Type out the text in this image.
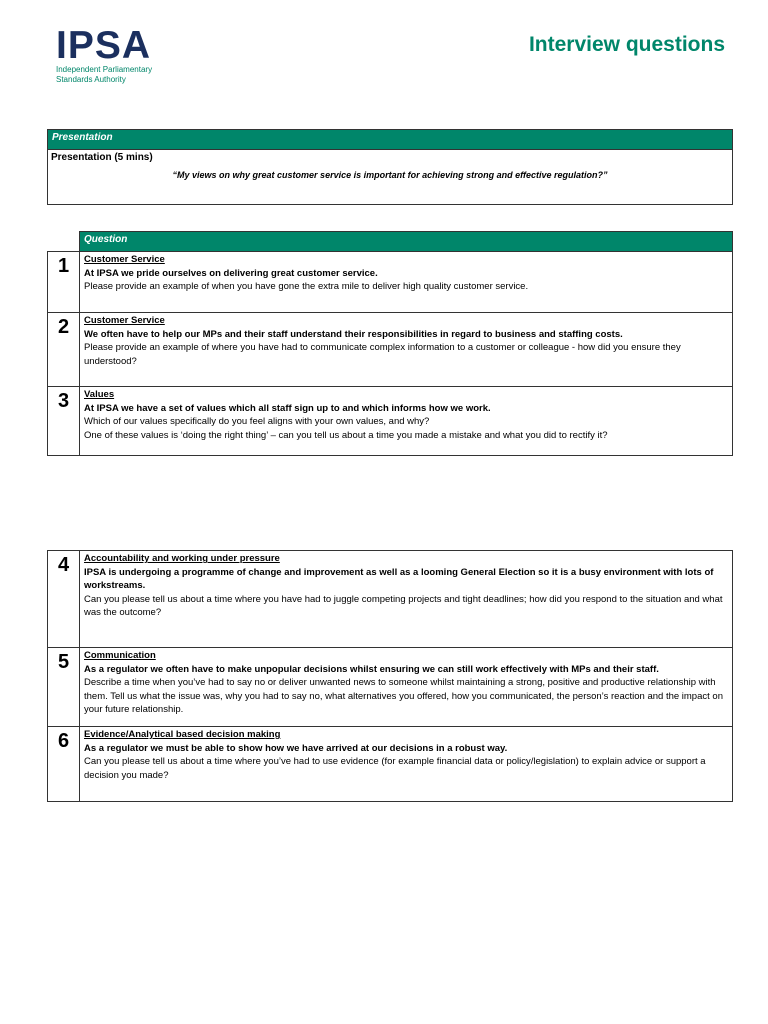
IPSA
Independent Parliamentary
Standards Authority
Interview questions
Presentation

Presentation (5 mins)
“My views on why great customer service is important for achieving strong and effective regulation?”
	Question
1	Customer Service
At IPSA we pride ourselves on delivering great customer service.
Please provide an example of when you have gone the extra mile to deliver high quality customer service.

2	Customer Service
We often have to help our MPs and their staff understand their responsibilities in regard to business and staffing costs.
Please provide an example of where you have had to communicate complex information to a customer or colleague - how did you ensure they understood?

3	Values
At IPSA we have a set of values which all staff sign up to and which informs how we work.
Which of our values specifically do you feel aligns with your own values, and why?
One of these values is ‘doing the right thing’ – can you tell us about a time you made a mistake and what you did to rectify it?
4	Accountability and working under pressure
IPSA is undergoing a programme of change and improvement as well as a looming General Election so it is a busy environment with lots of workstreams.
Can you please tell us about a time where you have had to juggle competing projects and tight deadlines; how did you respond to the situation and what was the outcome?

5	Communication
As a regulator we often have to make unpopular decisions whilst ensuring we can still work effectively with MPs and their staff.
Describe a time when you’ve had to say no or deliver unwanted news to someone whilst maintaining a strong, positive and productive relationship with them. Tell us what the issue was, why you had to say no, what alternatives you offered, how you communicated, the person’s reaction and the impact on your future relationship.

6	Evidence/Analytical based decision making
As a regulator we must be able to show how we have arrived at our decisions in a robust way.
Can you please tell us about a time where you’ve had to use evidence (for example financial data or policy/legislation) to explain advice or support a decision you made?
